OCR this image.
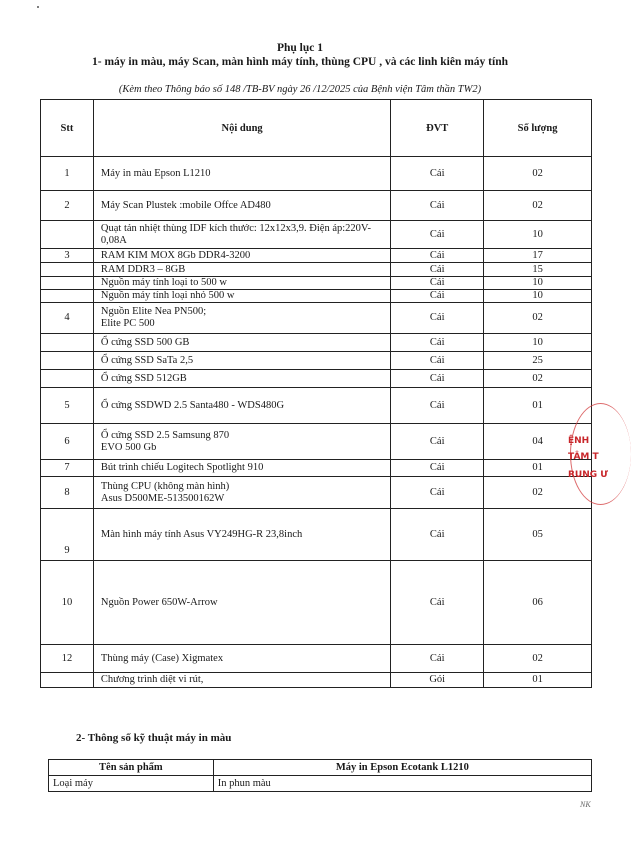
Phụ lục 1
1- máy in màu, máy Scan, màn hình máy tính, thùng CPU , và các linh kiên máy tính
(Kèm theo Thông báo số 148 /TB-BV ngày 26 /12/2025 của Bệnh viện Tâm thần TW2)
Stt	Nội dung	ĐVT	Số lượng
1	Máy in màu Epson L1210	Cái	02
2	Máy Scan Plustek :mobile Offce AD480	Cái	02

	Quạt tản nhiệt thùng IDF kích thước: 12x12x3,9. Điện áp:220V-
0,08A	Cái	10
3	RAM KIM MOX 8Gb DDR4-3200	Cái	17

	RAM DDR3 – 8GB	Cái	15

	Nguồn máy tính loại to 500 w	Cái	10

	Nguồn máy tính loại nhỏ 500 w	Cái	10
4	Nguồn Elite Nea PN500;
Elite PC 500	Cái	02

	Ổ cứng SSD 500 GB	Cái	10

	Ổ cứng SSD SaTa 2,5	Cái	25

	Ổ cứng SSD 512GB	Cái	02
5	Ổ cứng SSDWD 2.5 Santa480 - WDS480G	Cái	01
6	Ổ cứng SSD 2.5 Samsung 870
EVO 500 Gb	Cái	04
7	Bút trình chiếu Logitech Spotlight 910	Cái	01
8	Thùng CPU (không màn hình)
Asus D500ME-513500162W	Cái	02
9	Màn hình máy tính Asus VY249HG-R 23,8inch	Cái	05
10	Nguồn Power 650W-Arrow	Cái	06
12	Thùng máy (Case) Xigmatex	Cái	02

	Chương trình diệt vi rút,	Gói	01
2- Thông số kỹ thuật máy in màu
Tên sản phẩm	Máy in Epson Ecotank L1210
Loại máy	In phun màu
ỆNH
TÂM T
RUNG Ư
NK
